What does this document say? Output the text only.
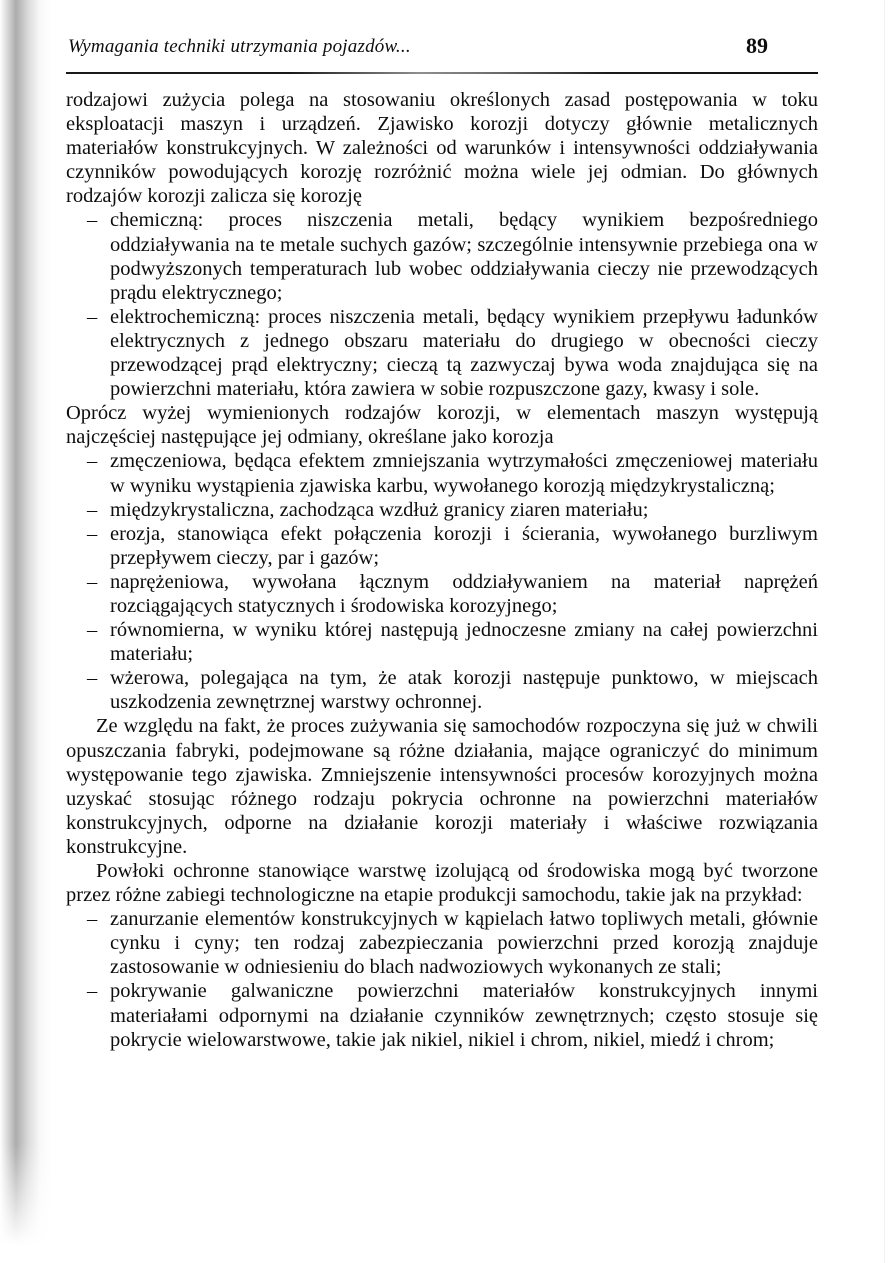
Wymagania techniki utrzymania pojazdów...	89

rodzajowi zużycia polega na stosowaniu określonych zasad postępowania w toku eksploatacji maszyn i urządzeń. Zjawisko korozji dotyczy głównie metalicznych materiałów konstrukcyjnych. W zależności od warunków i intensywności oddziaływania czynników powodujących korozję rozróżnić można wiele jej odmian. Do głównych rodzajów korozji zalicza się korozję

– chemiczną: proces niszczenia metali, będący wynikiem bezpośredniego oddziaływania na te metale suchych gazów; szczególnie intensywnie przebiega ona w podwyższonych temperaturach lub wobec oddziaływania cieczy nie przewodzących prądu elektrycznego;
– elektrochemiczną: proces niszczenia metali, będący wynikiem przepływu ładunków elektrycznych z jednego obszaru materiału do drugiego w obecności cieczy przewodzącej prąd elektryczny; cieczą tą zazwyczaj bywa woda znajdująca się na powierzchni materiału, która zawiera w sobie rozpuszczone gazy, kwasy i sole.

Oprócz wyżej wymienionych rodzajów korozji, w elementach maszyn występują najczęściej następujące jej odmiany, określane jako korozja

– zmęczeniowa, będąca efektem zmniejszania wytrzymałości zmęczeniowej materiału w wyniku wystąpienia zjawiska karbu, wywołanego korozją międzykrystaliczną;
– międzykrystaliczna, zachodząca wzdłuż granicy ziaren materiału;
– erozja, stanowiąca efekt połączenia korozji i ścierania, wywołanego burzliwym przepływem cieczy, par i gazów;
– naprężeniowa, wywołana łącznym oddziaływaniem na materiał naprężeń rozciągających statycznych i środowiska korozyjnego;
– równomierna, w wyniku której następują jednoczesne zmiany na całej powierzchni materiału;
– wżerowa, polegająca na tym, że atak korozji następuje punktowo, w miejscach uszkodzenia zewnętrznej warstwy ochronnej.

Ze względu na fakt, że proces zużywania się samochodów rozpoczyna się już w chwili opuszczania fabryki, podejmowane są różne działania, mające ograniczyć do minimum występowanie tego zjawiska. Zmniejszenie intensywności procesów korozyjnych można uzyskać stosując różnego rodzaju pokrycia ochronne na powierzchni materiałów konstrukcyjnych, odporne na działanie korozji materiały i właściwe rozwiązania konstrukcyjne.

Powłoki ochronne stanowiące warstwę izolującą od środowiska mogą być tworzone przez różne zabiegi technologiczne na etapie produkcji samochodu, takie jak na przykład:

– zanurzanie elementów konstrukcyjnych w kąpielach łatwo topliwych metali, głównie cynku i cyny; ten rodzaj zabezpieczania powierzchni przed korozją znajduje zastosowanie w odniesieniu do blach nadwoziowych wykonanych ze stali;
– pokrywanie galwaniczne powierzchni materiałów konstrukcyjnych innymi materiałami odpornymi na działanie czynników zewnętrznych; często stosuje się pokrycie wielowarstwowe, takie jak nikiel, nikiel i chrom, nikiel, miedź i chrom;
